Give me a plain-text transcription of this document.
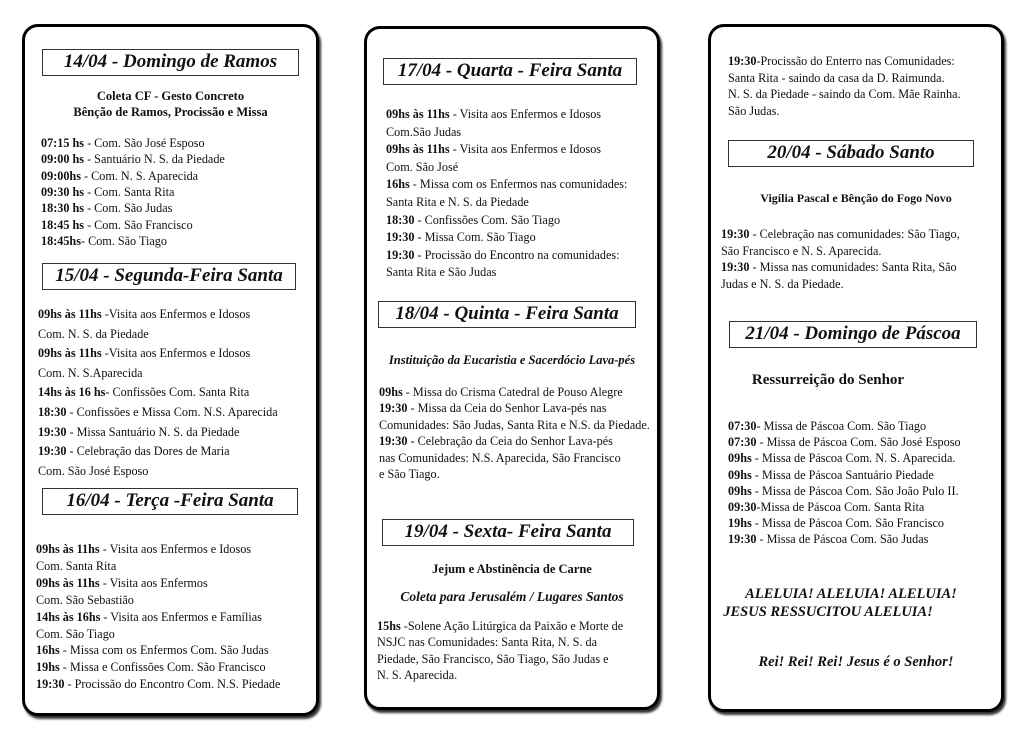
14/04 - Domingo de Ramos
Coleta CF - Gesto Concreto
Bênção de Ramos, Procissão e Missa
07:15 hs - Com. São José Esposo
09:00 hs - Santuário N. S. da Piedade
09:00hs - Com. N. S. Aparecida
09:30 hs - Com. Santa Rita
18:30 hs - Com. São Judas
18:45 hs - Com. São Francisco
18:45hs- Com. São Tiago
15/04 - Segunda-Feira Santa
09hs às 11hs -Visita aos Enfermos e Idosos
Com. N. S. da Piedade
09hs às 11hs -Visita aos Enfermos e Idosos
Com. N. S.Aparecida
14hs às 16 hs- Confissões Com. Santa Rita
18:30 - Confissões e Missa Com. N.S. Aparecida
19:30 - Missa Santuário N. S. da Piedade
19:30 - Celebração das Dores de Maria
Com. São José Esposo
16/04 - Terça -Feira Santa
09hs às 11hs - Visita aos Enfermos e Idosos
Com. Santa Rita
09hs às 11hs - Visita aos Enfermos
Com. São Sebastião
14hs às 16hs - Visita aos Enfermos e Famílias
Com. São Tiago
16hs - Missa com os Enfermos Com. São Judas
19hs - Missa e Confissões Com. São Francisco
19:30 - Procissão do Encontro Com. N.S. Piedade
17/04 - Quarta - Feira Santa
09hs às 11hs - Visita aos Enfermos e Idosos
Com.São Judas
09hs às 11hs - Visita aos Enfermos e Idosos
Com. São José
16hs - Missa com os Enfermos nas comunidades:
Santa Rita e N. S. da Piedade
18:30 - Confissões Com. São Tiago
19:30 - Missa Com. São Tiago
19:30 - Procissão do Encontro na comunidades:
Santa Rita e São Judas
18/04 - Quinta - Feira Santa
Instituição da Eucaristia e Sacerdócio Lava-pés
09hs - Missa do Crisma Catedral de Pouso Alegre
19:30 - Missa da Ceia do Senhor Lava-pés nas
Comunidades: São Judas, Santa Rita e N.S. da Piedade.
19:30 - Celebração da Ceia do Senhor Lava-pés
nas Comunidades: N.S. Aparecida, São Francisco
e São Tiago.
19/04 - Sexta- Feira Santa
Jejum e Abstinência de Carne
Coleta para Jerusalém / Lugares Santos
15hs -Solene Ação Litúrgica da Paixão e Morte de
NSJC nas Comunidades: Santa Rita, N. S. da
Piedade, São Francisco, São Tiago, São Judas e
N. S. Aparecida.
19:30-Procissão do Enterro nas Comunidades:
Santa Rita - saindo da casa da D. Raimunda.
N. S. da Piedade - saindo da Com. Mãe Rainha.
São Judas.
20/04 - Sábado Santo
Vigília Pascal e Bênção do Fogo Novo
19:30 - Celebração nas comunidades: São Tiago,
São Francisco e N. S. Aparecida.
19:30 - Missa nas comunidades: Santa Rita, São
Judas e N. S. da Piedade.
21/04 - Domingo de Páscoa
Ressurreição do Senhor
07:30- Missa de Páscoa Com. São Tiago
07:30 - Missa de Páscoa Com. São José Esposo
09hs - Missa de Páscoa Com. N. S. Aparecida.
09hs - Missa de Páscoa Santuário Piedade
09hs - Missa de Páscoa Com. São João Pulo II.
09:30-Missa de Páscoa Com. Santa Rita
19hs - Missa de Páscoa Com. São Francisco
19:30 - Missa de Páscoa Com. São Judas
ALELUIA! ALELUIA! ALELUIA!
JESUS RESSUCITOU ALELUIA!
Rei! Rei! Rei! Jesus é o Senhor!
